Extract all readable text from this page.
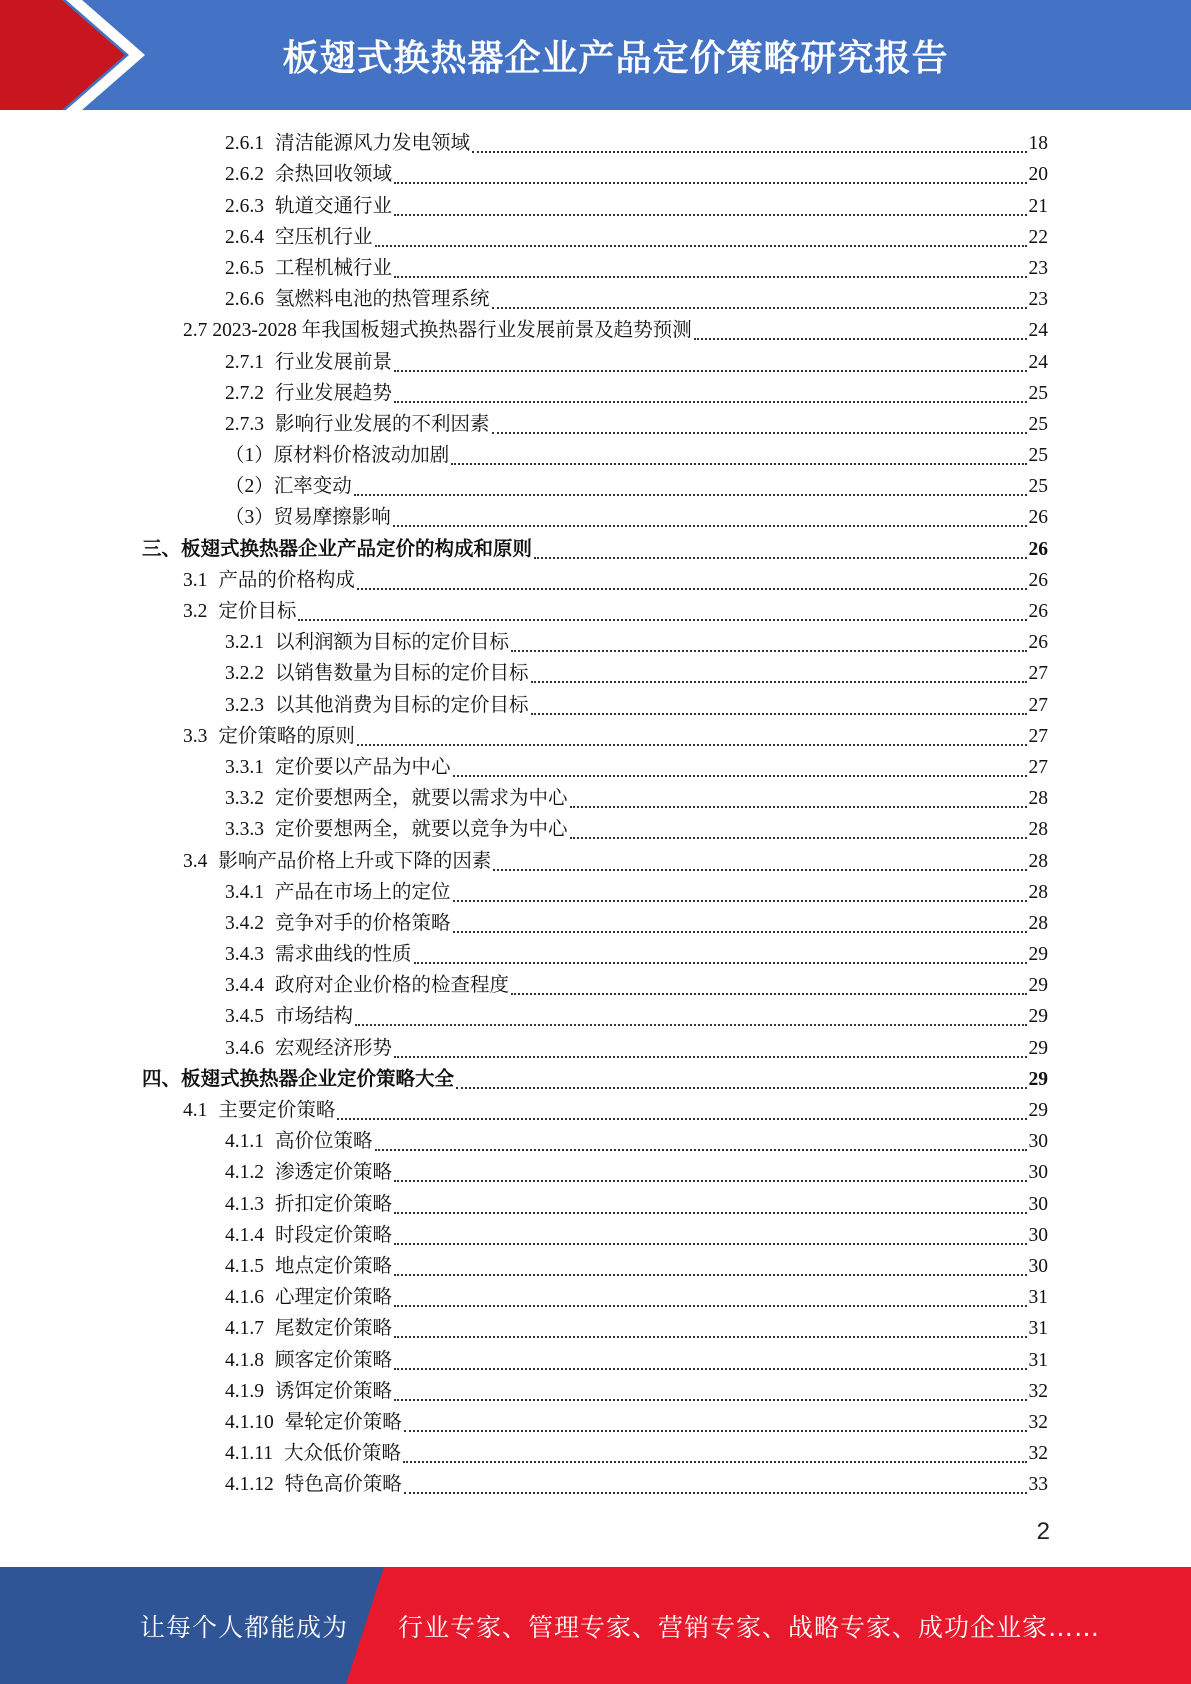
板翅式换热器企业产品定价策略研究报告
2.6.1 清洁能源风力发电领域	18
2.6.2 余热回收领域	20
2.6.3 轨道交通行业	21
2.6.4 空压机行业	22
2.6.5 工程机械行业	23
2.6.6 氢燃料电池的热管理系统	23
2.7 2023-2028 年我国板翅式换热器行业发展前景及趋势预测	24
2.7.1 行业发展前景	24
2.7.2 行业发展趋势	25
2.7.3 影响行业发展的不利因素	25
（1）原材料价格波动加剧	25
（2）汇率变动	25
（3）贸易摩擦影响	26
三、板翅式换热器企业产品定价的构成和原则	26
3.1 产品的价格构成	26
3.2 定价目标	26
3.2.1 以利润额为目标的定价目标	26
3.2.2 以销售数量为目标的定价目标	27
3.2.3 以其他消费为目标的定价目标	27
3.3 定价策略的原则	27
3.3.1 定价要以产品为中心	27
3.3.2 定价要想两全，就要以需求为中心	28
3.3.3 定价要想两全，就要以竞争为中心	28
3.4 影响产品价格上升或下降的因素	28
3.4.1 产品在市场上的定位	28
3.4.2 竞争对手的价格策略	28
3.4.3 需求曲线的性质	29
3.4.4 政府对企业价格的检查程度	29
3.4.5 市场结构	29
3.4.6 宏观经济形势	29
四、板翅式换热器企业定价策略大全	29
4.1 主要定价策略	29
4.1.1 高价位策略	30
4.1.2 渗透定价策略	30
4.1.3 折扣定价策略	30
4.1.4 时段定价策略	30
4.1.5 地点定价策略	30
4.1.6 心理定价策略	31
4.1.7 尾数定价策略	31
4.1.8 顾客定价策略	31
4.1.9 诱饵定价策略	32
4.1.10 晕轮定价策略	32
4.1.11 大众低价策略	32
4.1.12 特色高价策略	33
2
让每个人都能成为 行业专家、管理专家、营销专家、战略专家、成功企业家……
